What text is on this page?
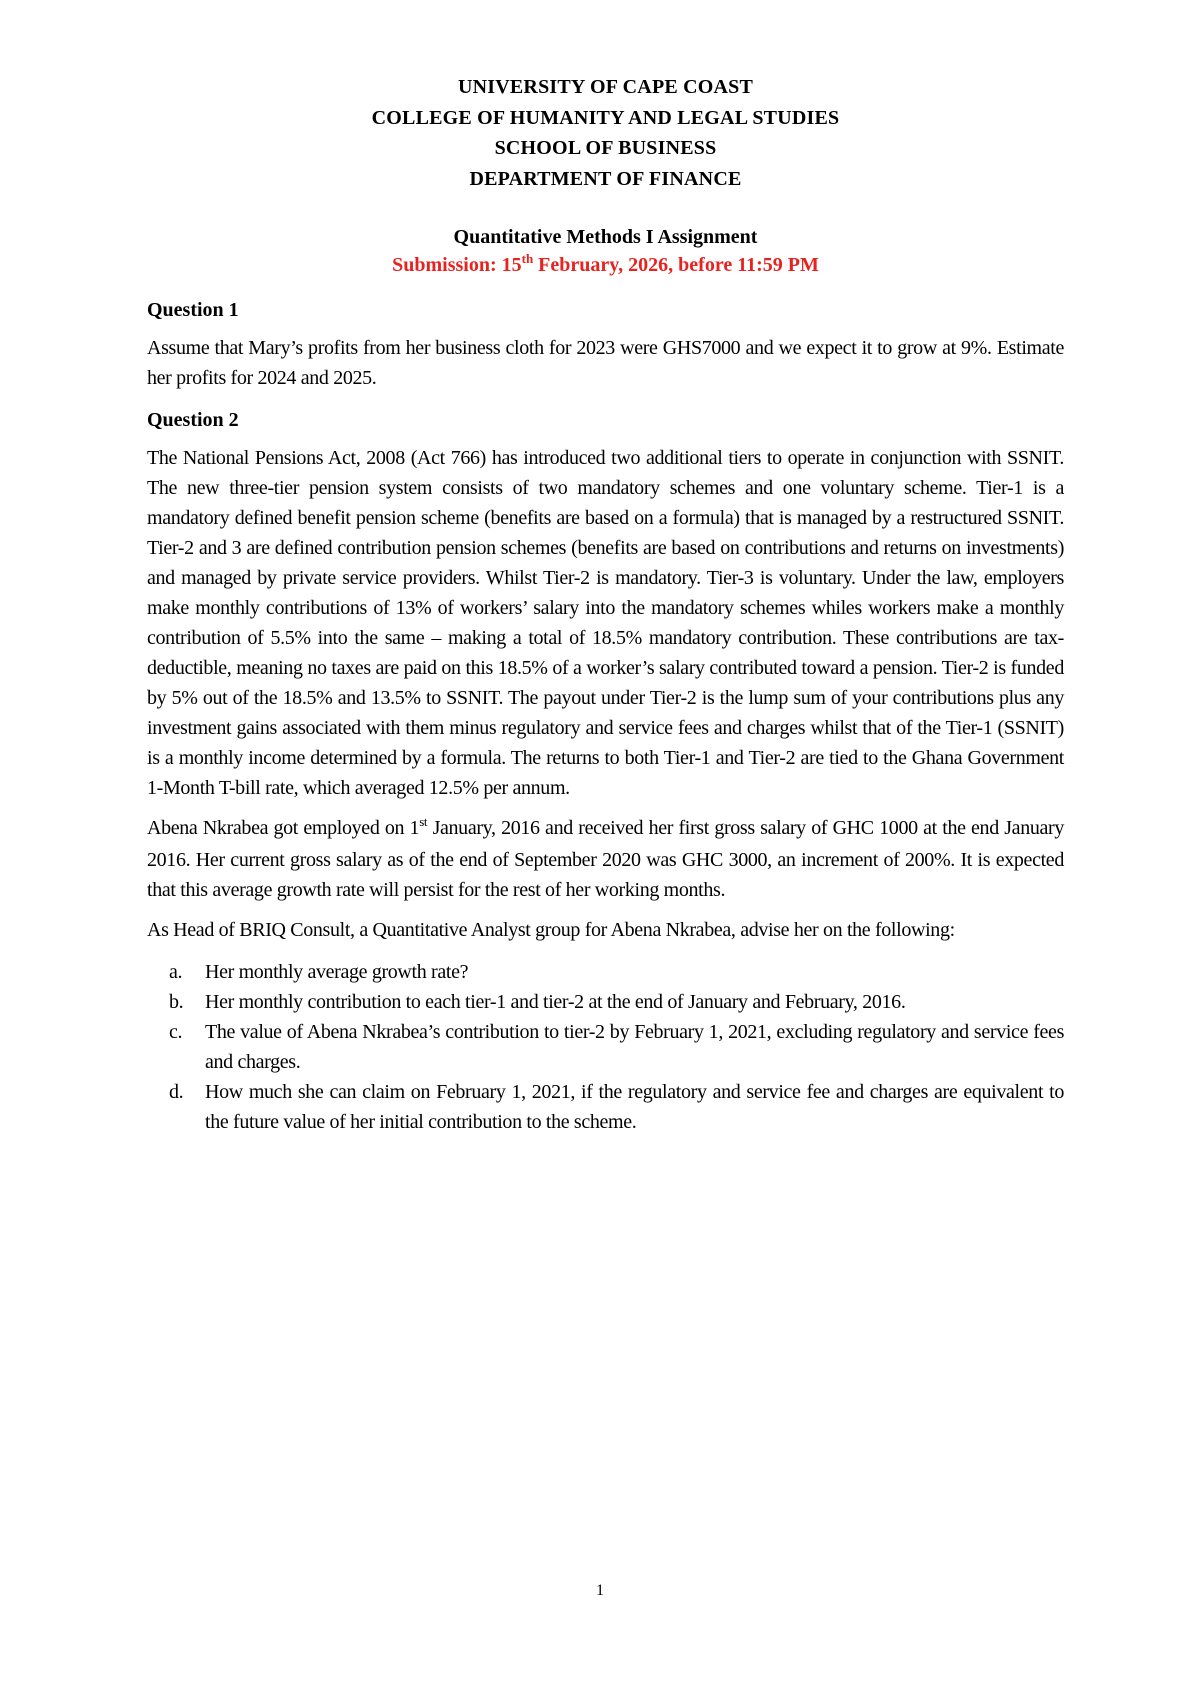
UNIVERSITY OF CAPE COAST
COLLEGE OF HUMANITY AND LEGAL STUDIES
SCHOOL OF BUSINESS
DEPARTMENT OF FINANCE
Quantitative Methods I Assignment
Submission: 15th February, 2026, before 11:59 PM
Question 1

Assume that Mary’s profits from her business cloth for 2023 were GHS7000 and we expect it to grow at 9%. Estimate her profits for 2024 and 2025.

Question 2

The National Pensions Act, 2008 (Act 766) has introduced two additional tiers to operate in conjunction with SSNIT. The new three-tier pension system consists of two mandatory schemes and one voluntary scheme. Tier-1 is a mandatory defined benefit pension scheme (benefits are based on a formula) that is managed by a restructured SSNIT. Tier-2 and 3 are defined contribution pension schemes (benefits are based on contributions and returns on investments) and managed by private service providers. Whilst Tier-2 is mandatory. Tier-3 is voluntary. Under the law, employers make monthly contributions of 13% of workers’ salary into the mandatory schemes whiles workers make a monthly contribution of 5.5% into the same – making a total of 18.5% mandatory contribution. These contributions are tax-deductible, meaning no taxes are paid on this 18.5% of a worker’s salary contributed toward a pension. Tier-2 is funded by 5% out of the 18.5% and 13.5% to SSNIT. The payout under Tier-2 is the lump sum of your contributions plus any investment gains associated with them minus regulatory and service fees and charges whilst that of the Tier-1 (SSNIT) is a monthly income determined by a formula. The returns to both Tier-1 and Tier-2 are tied to the Ghana Government 1-Month T-bill rate, which averaged 12.5% per annum.

Abena Nkrabea got employed on 1st January, 2016 and received her first gross salary of GHC 1000 at the end January 2016. Her current gross salary as of the end of September 2020 was GHC 3000, an increment of 200%. It is expected that this average growth rate will persist for the rest of her working months.

As Head of BRIQ Consult, a Quantitative Analyst group for Abena Nkrabea, advise her on the following:

a.	Her monthly average growth rate?
b.	Her monthly contribution to each tier-1 and tier-2 at the end of January and February, 2016.
c.	The value of Abena Nkrabea’s contribution to tier-2 by February 1, 2021, excluding regulatory and service fees and charges.
d.	How much she can claim on February 1, 2021, if the regulatory and service fee and charges are equivalent to the future value of her initial contribution to the scheme.
1
